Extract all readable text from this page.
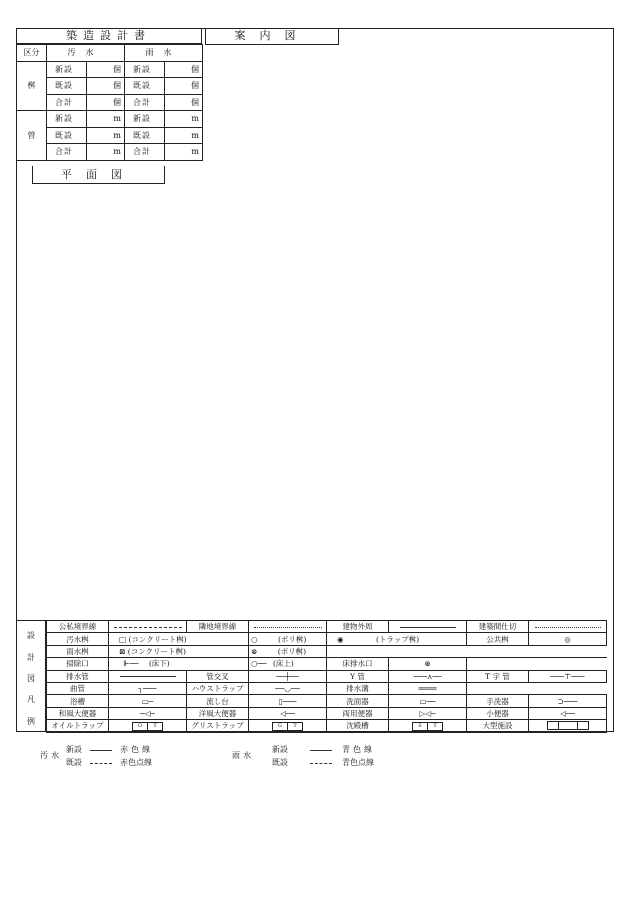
築造設計書	案内図
区分	汚水		雨水	
桝	新設	個	新設	個
	既設	個	既設	個
	合計	個	合計	個
管	新設	m	新設	m
	既設	m	既設	m
	合計	m	合計	m
平面図
設
計
図
凡
例
公私境界線		隣地境界線		建物外周		建築間仕切	
汚水桝	□ (コンクリート桝)		○ (ポリ桝)	◉ (トラップ桝)		公共桝	◎
雨水桝	⊠ (コンクリート桝)		⊗ (ポリ桝)				
掃除口	⊩── (床下)		○── (床上)	床排水口	⊛		
排水管		管交叉	──┼──	Y 管	───⋏──	T 字 管	───⊤───
曲管	╮───	ハウストラップ	──◡──	排水溝	════		
浴槽	▭─	流し台	▯───	洗面器	▭──	手洗器	⊃───
和風大便器	─◁─	洋風大便器	◁──	両用便器	▷◁─	小便器	◁──
オイルトラップ	O T	グリストラップ	G T	沈殿槽	S T	大型施設	
汚水
新設	赤色線
既設	赤色点線
雨水
新設	青色線
既設	青色点線
